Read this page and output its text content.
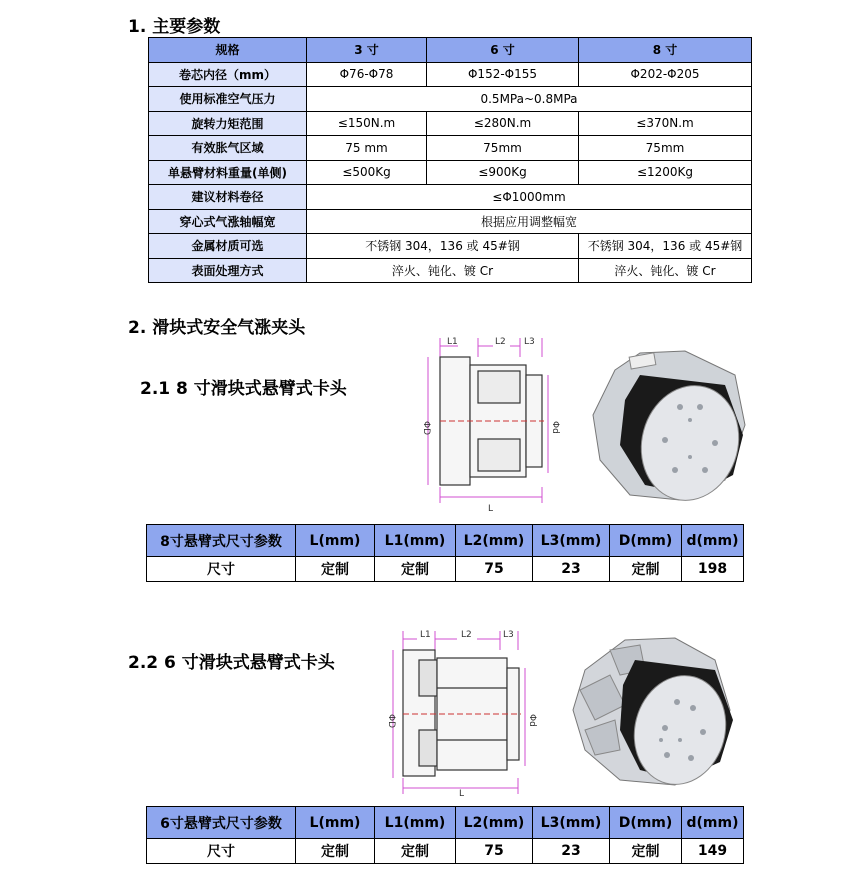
1. 主要参数
规格	3 寸	6 寸	8 寸
卷芯内径（mm）	Φ76-Φ78	Φ152-Φ155	Φ202-Φ205
使用标准空气压力	0.5MPa~0.8MPa		
旋转力矩范围	≤150N.m	≤280N.m	≤370N.m
有效胀气区域	75 mm	75mm	75mm
单悬臂材料重量(单侧)	≤500Kg	≤900Kg	≤1200Kg
建议材料卷径	≤Φ1000mm		
穿心式气涨轴幅宽	根据应用调整幅宽		
金属材质可选	不锈钢 304，136 或 45#钢		不锈钢 304，136 或 45#钢
表面处理方式	淬火、钝化、镀 Cr		淬火、钝化、镀 Cr
2. 滑块式安全气涨夹头
2.1 8 寸滑块式悬臂式卡头
L1	L2 L3
L
ΦD	Φd
8寸悬臂式尺寸参数	L(mm)	L1(mm)	L2(mm)	L3(mm)	D(mm)	d(mm)
尺寸	定制	定制	75	23	定制	198
2.2 6 寸滑块式悬臂式卡头
L1	L2	L3
L
ΦD	Φd
6寸悬臂式尺寸参数	L(mm)	L1(mm)	L2(mm)	L3(mm)	D(mm)	d(mm)
尺寸	定制	定制	75	23	定制	149
